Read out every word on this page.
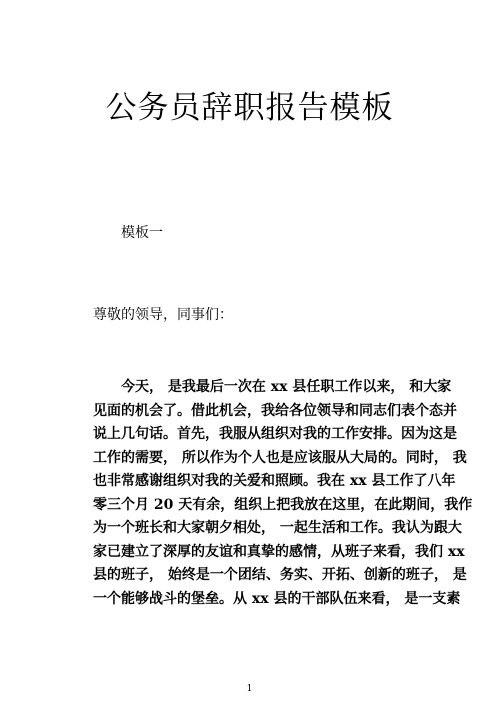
公务员辞职报告模板
模板一
尊敬的领导，同事们：

今天， 是我最后一次在 xx 县任职工作以来， 和大家
见面的机会了。借此机会，我给各位领导和同志们表个态并
说上几句话。首先，我服从组织对我的工作安排。因为这是
工作的需要， 所以作为个人也是应该服从大局的。同时， 我
也非常感谢组织对我的关爱和照顾。我在 xx 县工作了八年
零三个月 20 天有余，组织上把我放在这里，在此期间，我作
为一个班长和大家朝夕相处， 一起生活和工作。我认为跟大
家已建立了深厚的友谊和真挚的感情，从班子来看，我们 xx
县的班子， 始终是一个团结、务实、开拓、创新的班子， 是
一个能够战斗的堡垒。从 xx 县的干部队伍来看， 是一支素

1
